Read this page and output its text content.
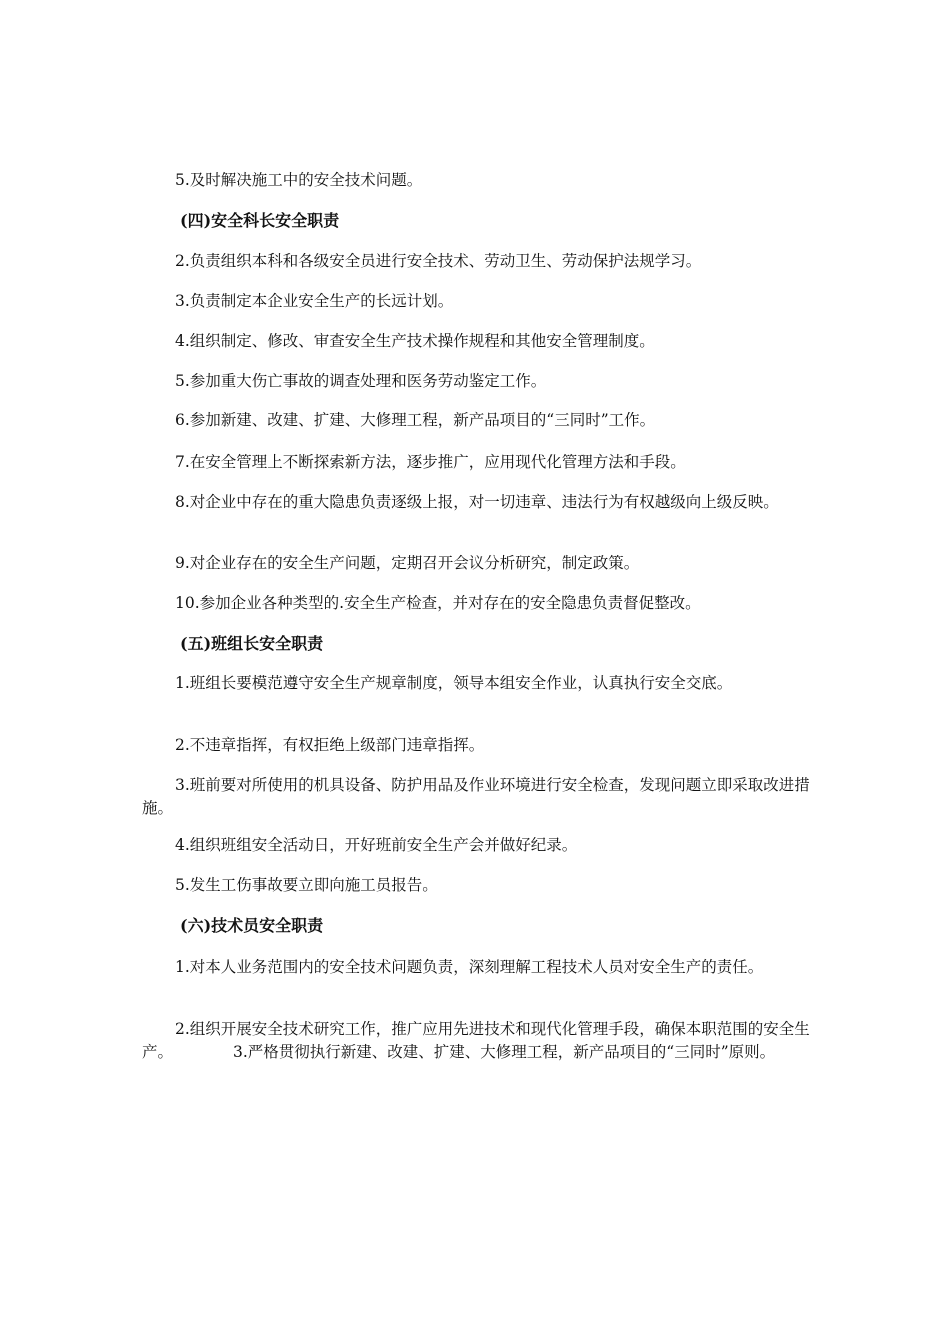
5.及时解决施工中的安全技术问题。
(四)安全科长安全职责
2.负责组织本科和各级安全员进行安全技术、劳动卫生、劳动保护法规学习。
3.负责制定本企业安全生产的长远计划。
4.组织制定、修改、审查安全生产技术操作规程和其他安全管理制度。
5.参加重大伤亡事故的调查处理和医务劳动鉴定工作。
6.参加新建、改建、扩建、大修理工程，新产品项目的“三同时”工作。
7.在安全管理上不断探索新方法，逐步推广，应用现代化管理方法和手段。
8.对企业中存在的重大隐患负责逐级上报，对一切违章、违法行为有权越级向上级反映。
9.对企业存在的安全生产问题，定期召开会议分析研究，制定政策。
10.参加企业各种类型的.安全生产检查，并对存在的安全隐患负责督促整改。
(五)班组长安全职责
1.班组长要模范遵守安全生产规章制度，领导本组安全作业，认真执行安全交底。
2.不违章指挥，有权拒绝上级部门违章指挥。
3.班前要对所使用的机具设备、防护用品及作业环境进行安全检查，发现问题立即采取改进措施。
4.组织班组安全活动日，开好班前安全生产会并做好纪录。
5.发生工伤事故要立即向施工员报告。
(六)技术员安全职责
1.对本人业务范围内的安全技术问题负责，深刻理解工程技术人员对安全生产的责任。
2.组织开展安全技术研究工作，推广应用先进技术和现代化管理手段，确保本职范围的安全生产。	3.严格贯彻执行新建、改建、扩建、大修理工程，新产品项目的“三同时”原则。
